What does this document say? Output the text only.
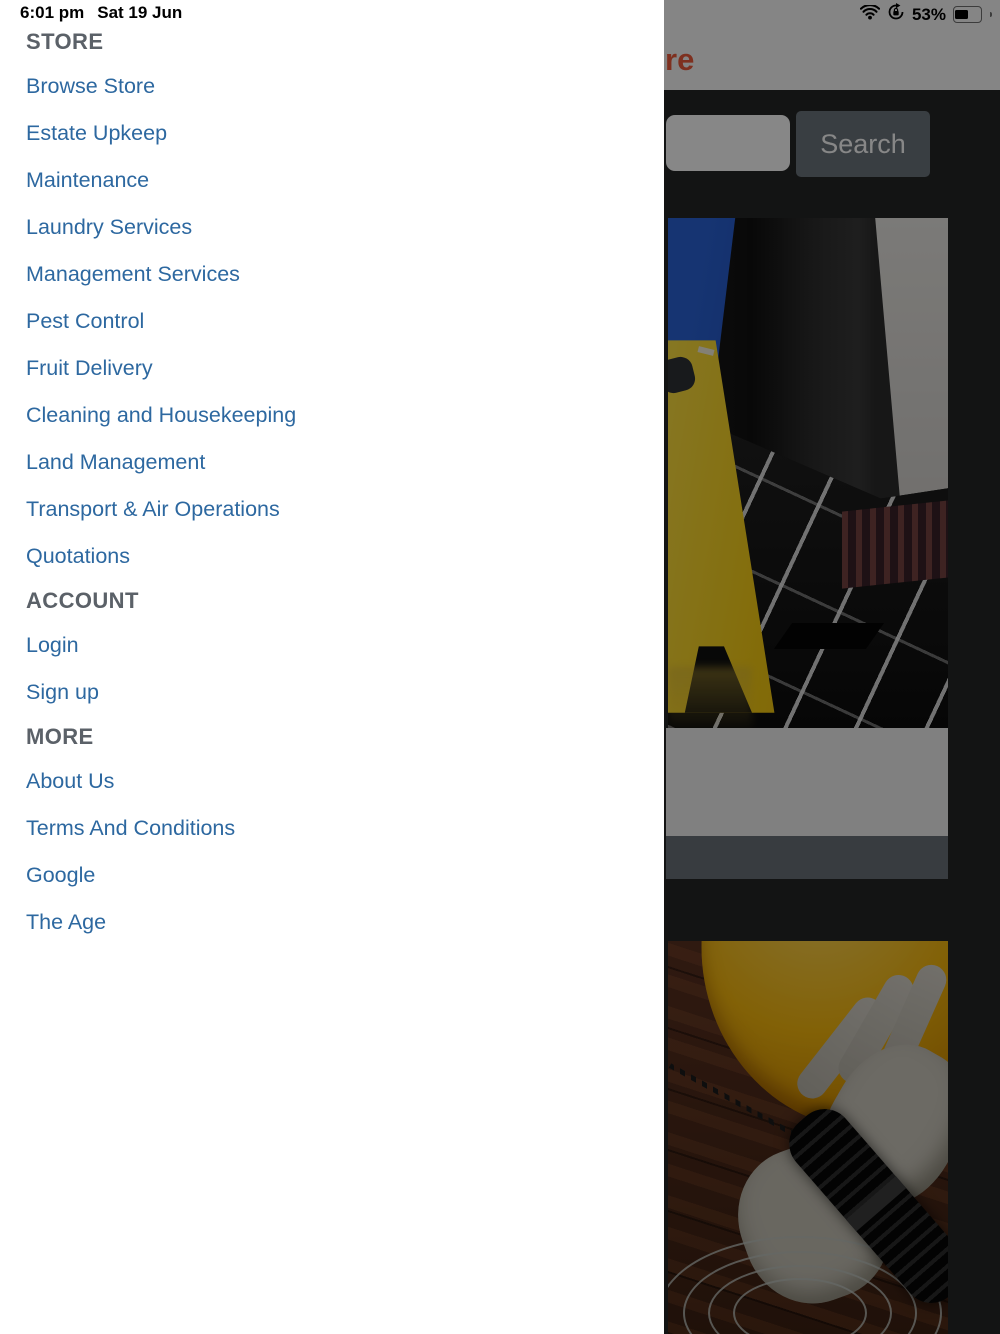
re
Search
STORE
Browse Store
Estate Upkeep
Maintenance
Laundry Services
Management Services
Pest Control
Fruit Delivery
Cleaning and Housekeeping
Land Management
Transport & Air Operations
Quotations
ACCOUNT
Login
Sign up
MORE
About Us
Terms And Conditions
Google
The Age
6:01 pm Sat 19 Jun	53%
